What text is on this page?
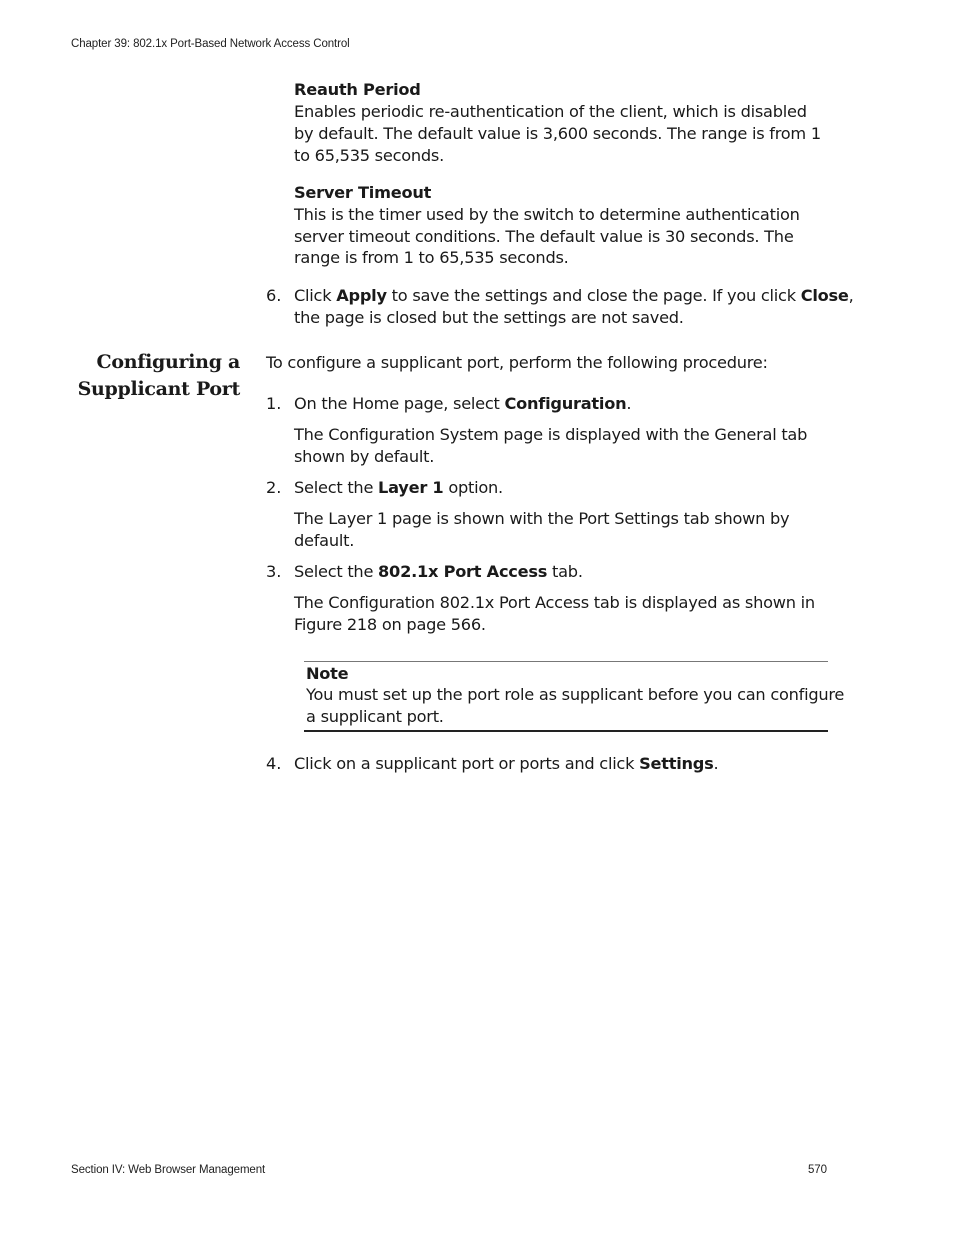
Chapter 39: 802.1x Port-Based Network Access Control
Reauth Period
Enables periodic re-authentication of the client, which is disabled
by default. The default value is 3,600 seconds. The range is from 1
to 65,535 seconds.
Server Timeout
This is the timer used by the switch to determine authentication
server timeout conditions. The default value is 30 seconds. The
range is from 1 to 65,535 seconds.
6. Click Apply to save the settings and close the page. If you click Close,
the page is closed but the settings are not saved.
Configuring a
Supplicant Port
To configure a supplicant port, perform the following procedure:
1. On the Home page, select Configuration.
The Configuration System page is displayed with the General tab
shown by default.
2. Select the Layer 1 option.
The Layer 1 page is shown with the Port Settings tab shown by
default.
3. Select the 802.1x Port Access tab.
The Configuration 802.1x Port Access tab is displayed as shown in
Figure 218 on page 566.
Note
You must set up the port role as supplicant before you can configure
a supplicant port.
4. Click on a supplicant port or ports and click Settings.
Section IV: Web Browser Management	570
